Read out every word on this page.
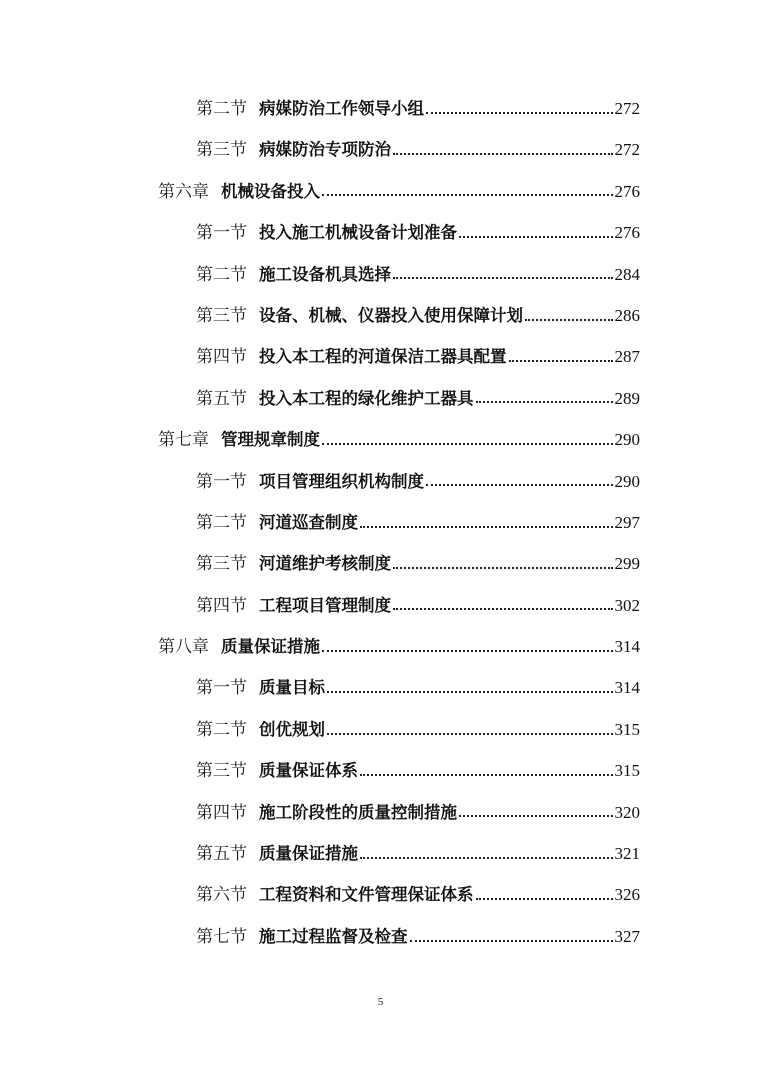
第二节 病媒防治工作领导小组	272
第三节 病媒防治专项防治	272
第六章 机械设备投入	276
第一节 投入施工机械设备计划准备	276
第二节 施工设备机具选择	284
第三节 设备、机械、仪器投入使用保障计划	286
第四节 投入本工程的河道保洁工器具配置	287
第五节 投入本工程的绿化维护工器具	289
第七章 管理规章制度	290
第一节 项目管理组织机构制度	290
第二节 河道巡查制度	297
第三节 河道维护考核制度	299
第四节 工程项目管理制度	302
第八章 质量保证措施	314
第一节 质量目标	314
第二节 创优规划	315
第三节 质量保证体系	315
第四节 施工阶段性的质量控制措施	320
第五节 质量保证措施	321
第六节 工程资料和文件管理保证体系	326
第七节 施工过程监督及检查	327
5
